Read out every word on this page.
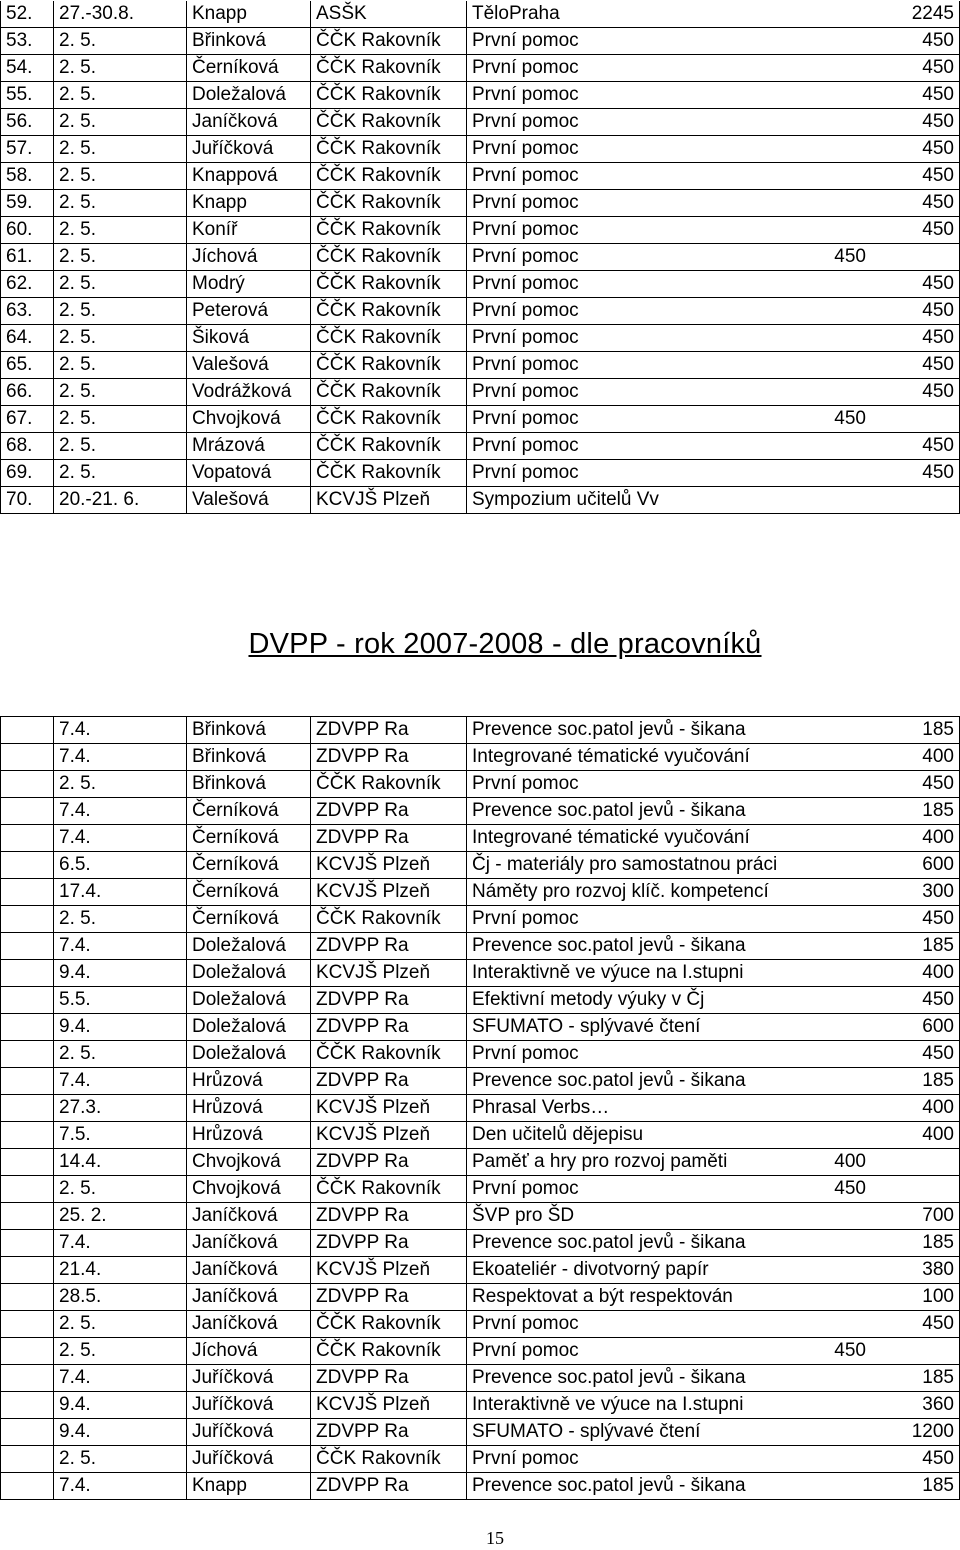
52.	27.-30.8.	Knapp	ASŠK	TěloPraha 2245

53.	2. 5.	Břinková	ČČK Rakovník	První pomoc 450

54.	2. 5.	Černíková	ČČK Rakovník	První pomoc 450

55.	2. 5.	Doležalová	ČČK Rakovník	První pomoc 450

56.	2. 5.	Janíčková	ČČK Rakovník	První pomoc 450

57.	2. 5.	Juříčková	ČČK Rakovník	První pomoc 450

58.	2. 5.	Knappová	ČČK Rakovník	První pomoc 450

59.	2. 5.	Knapp	ČČK Rakovník	První pomoc 450

60.	2. 5.	Koníř	ČČK Rakovník	První pomoc 450

61.	2. 5.	Jíchová	ČČK Rakovník	První pomoc 450

62.	2. 5.	Modrý	ČČK Rakovník	První pomoc 450

63.	2. 5.	Peterová	ČČK Rakovník	První pomoc 450

64.	2. 5.	Šiková	ČČK Rakovník	První pomoc 450

65.	2. 5.	Valešová	ČČK Rakovník	První pomoc 450

66.	2. 5.	Vodrážková	ČČK Rakovník	První pomoc 450

67.	2. 5.	Chvojková	ČČK Rakovník	První pomoc 450

68.	2. 5.	Mrázová	ČČK Rakovník	První pomoc 450

69.	2. 5.	Vopatová	ČČK Rakovník	První pomoc 450

70.	20.-21. 6.	Valešová	KCVJŠ Plzeň	Sympozium učitelů Vv
DVPP - rok 2007-2008 - dle pracovníků
	7.4.	Břinková	ZDVPP Ra	Prevence soc.patol jevů - šikana 185

	7.4.	Břinková	ZDVPP Ra	Integrované tématické vyučování 400

	2. 5.	Břinková	ČČK Rakovník	První pomoc 450

	7.4.	Černíková	ZDVPP Ra	Prevence soc.patol jevů - šikana 185

	7.4.	Černíková	ZDVPP Ra	Integrované tématické vyučování 400

	6.5.	Černíková	KCVJŠ Plzeň	Čj - materiály pro samostatnou práci 600

	17.4.	Černíková	KCVJŠ Plzeň	Náměty pro rozvoj klíč. kompetencí 300

	2. 5.	Černíková	ČČK Rakovník	První pomoc 450

	7.4.	Doležalová	ZDVPP Ra	Prevence soc.patol jevů - šikana 185

	9.4.	Doležalová	KCVJŠ Plzeň	Interaktivně ve výuce na I.stupni 400

	5.5.	Doležalová	ZDVPP Ra	Efektivní metody výuky v Čj 450

	9.4.	Doležalová	ZDVPP Ra	SFUMATO - splývavé čtení 600

	2. 5.	Doležalová	ČČK Rakovník	První pomoc 450

	7.4.	Hrůzová	ZDVPP Ra	Prevence soc.patol jevů - šikana 185

	27.3.	Hrůzová	KCVJŠ Plzeň	Phrasal Verbs… 400

	7.5.	Hrůzová	KCVJŠ Plzeň	Den učitelů dějepisu 400

	14.4.	Chvojková	ZDVPP Ra	Paměť a hry pro rozvoj paměti 400

	2. 5.	Chvojková	ČČK Rakovník	První pomoc 450

	25. 2.	Janíčková	ZDVPP Ra	ŠVP pro ŠD 700

	7.4.	Janíčková	ZDVPP Ra	Prevence soc.patol jevů - šikana 185

	21.4.	Janíčková	KCVJŠ Plzeň	Ekoateliér - divotvorný papír 380

	28.5.	Janíčková	ZDVPP Ra	Respektovat a být respektován 100

	2. 5.	Janíčková	ČČK Rakovník	První pomoc 450

	2. 5.	Jíchová	ČČK Rakovník	První pomoc 450

	7.4.	Juříčková	ZDVPP Ra	Prevence soc.patol jevů - šikana 185

	9.4.	Juříčková	KCVJŠ Plzeň	Interaktivně ve výuce na I.stupni 360

	9.4.	Juříčková	ZDVPP Ra	SFUMATO - splývavé čtení 1200

	2. 5.	Juříčková	ČČK Rakovník	První pomoc 450

	7.4.	Knapp	ZDVPP Ra	Prevence soc.patol jevů - šikana 185
15
